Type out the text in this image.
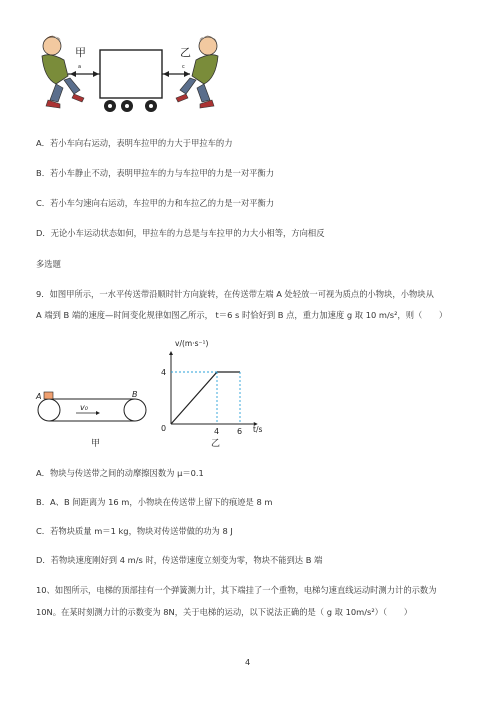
甲
a
乙
c
A．若小车向右运动，表明车拉甲的力大于甲拉车的力
B．若小车静止不动，表明甲拉车的力与车拉甲的力是一对平衡力
C．若小车匀速向右运动，车拉甲的力和车拉乙的力是一对平衡力
D．无论小车运动状态如何，甲拉车的力总是与车拉甲的力大小相等，方向相反
多选题
9．如图甲所示，一水平传送带沿顺时针方向旋转，在传送带左端 A 处轻放一可视为质点的小物块，小物块从
A 端到 B 端的速度—时间变化规律如图乙所示， t＝6 s 时恰好到 B 点，重力加速度 g 取 10 m/s²，则（　　）
A	B
v₀
甲
v/(m·s⁻¹)
t/s
0
乙
4 6
4
A．物块与传送带之间的动摩擦因数为 μ＝0.1
B．A、B 间距离为 16 m，小物块在传送带上留下的痕迹是 8 m
C．若物块质量 m＝1 kg，物块对传送带做的功为 8 J
D．若物块速度刚好到 4 m/s 时，传送带速度立刻变为零，物块不能到达 B 端
10、如图所示，电梯的顶部挂有一个弹簧测力计，其下端挂了一个重物，电梯匀速直线运动时测力计的示数为
10N。在某时刻测力计的示数变为 8N，关于电梯的运动，以下说法正确的是（ g 取 10m/s²）（　　）
4
